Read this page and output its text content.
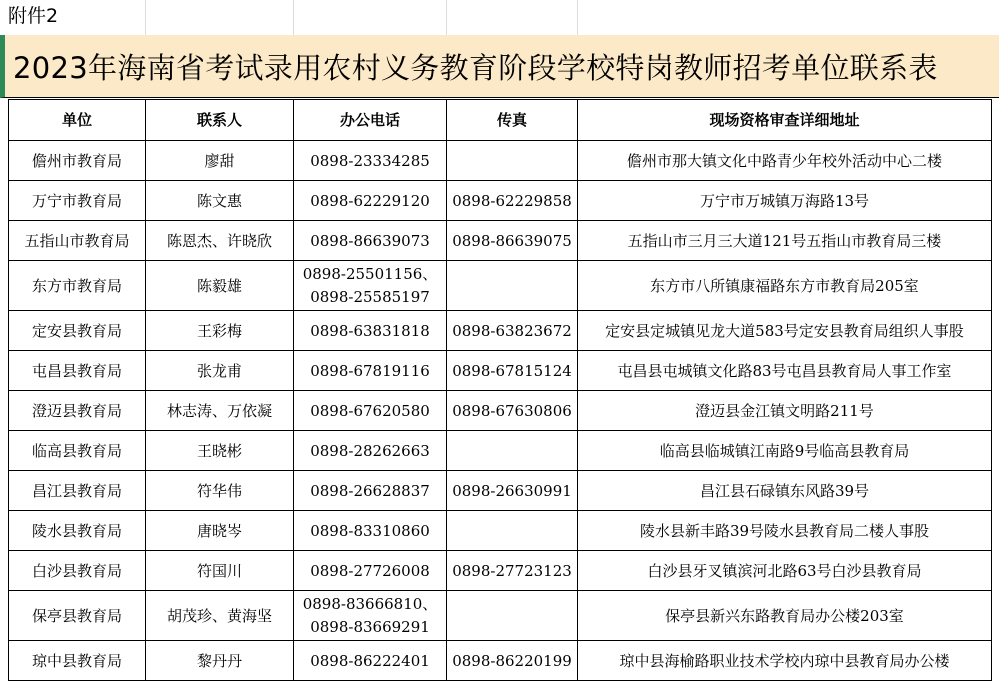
附件2
2023年海南省考试录用农村义务教育阶段学校特岗教师招考单位联系表
单位	联系人	办公电话	传真	现场资格审查详细地址
儋州市教育局	廖甜	0898-23334285		儋州市那大镇文化中路青少年校外活动中心二楼
万宁市教育局	陈文惠	0898-62229120	0898-62229858	万宁市万城镇万海路13号
五指山市教育局	陈恩杰、许晓欣	0898-86639073	0898-86639075	五指山市三月三大道121号五指山市教育局三楼
东方市教育局	陈毅雄	0898-25501156、
0898-25585197		东方市八所镇康福路东方市教育局205室
定安县教育局	王彩梅	0898-63831818	0898-63823672	定安县定城镇见龙大道583号定安县教育局组织人事股
屯昌县教育局	张龙甫	0898-67819116	0898-67815124	屯昌县屯城镇文化路83号屯昌县教育局人事工作室
澄迈县教育局	林志涛、万依凝	0898-67620580	0898-67630806	澄迈县金江镇文明路211号
临高县教育局	王晓彬	0898-28262663		临高县临城镇江南路9号临高县教育局
昌江县教育局	符华伟	0898-26628837	0898-26630991	昌江县石碌镇东风路39号
陵水县教育局	唐晓岑	0898-83310860		陵水县新丰路39号陵水县教育局二楼人事股
白沙县教育局	符国川	0898-27726008	0898-27723123	白沙县牙叉镇滨河北路63号白沙县教育局
保亭县教育局	胡茂珍、黄海坚	0898-83666810、
0898-83669291		保亭县新兴东路教育局办公楼203室
琼中县教育局	黎丹丹	0898-86222401	0898-86220199	琼中县海榆路职业技术学校内琼中县教育局办公楼
